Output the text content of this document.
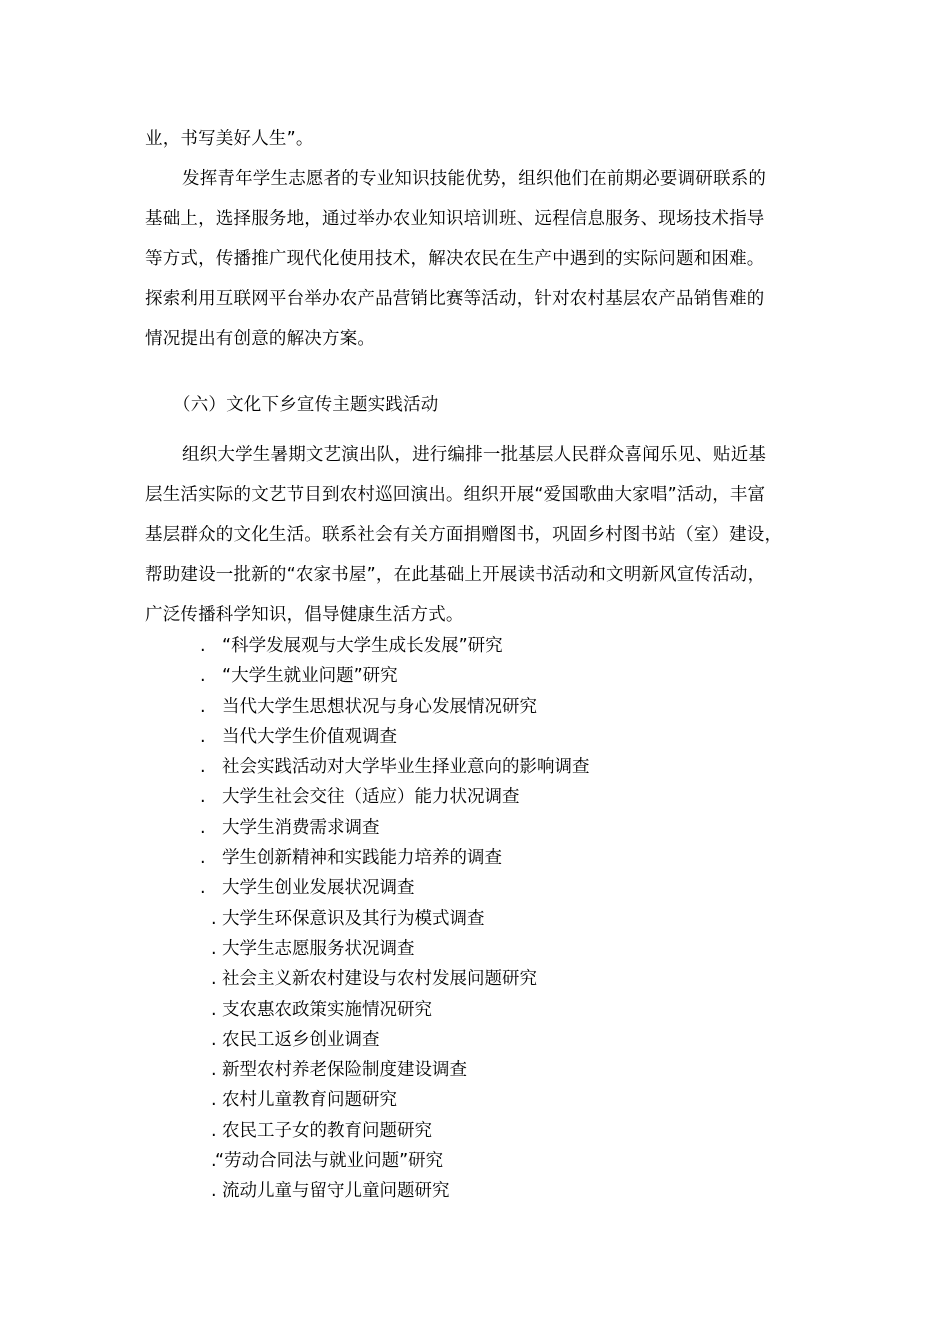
业，书写美好人生”。
发挥青年学生志愿者的专业知识技能优势，组织他们在前期必要调研联系的
基础上，选择服务地，通过举办农业知识培训班、远程信息服务、现场技术指导
等方式，传播推广现代化使用技术，解决农民在生产中遇到的实际问题和困难。
探索利用互联网平台举办农产品营销比赛等活动，针对农村基层农产品销售难的
情况提出有创意的解决方案。
（六）文化下乡宣传主题实践活动
组织大学生暑期文艺演出队，进行编排一批基层人民群众喜闻乐见、贴近基
层生活实际的文艺节目到农村巡回演出。组织开展“爱国歌曲大家唱”活动，丰富
基层群众的文化生活。联系社会有关方面捐赠图书，巩固乡村图书站（室）建设，
帮助建设一批新的“农家书屋”，在此基础上开展读书活动和文明新风宣传活动，
广泛传播科学知识，倡导健康生活方式。
. “科学发展观与大学生成长发展”研究
. “大学生就业问题”研究
. 当代大学生思想状况与身心发展情况研究
. 当代大学生价值观调查
. 社会实践活动对大学毕业生择业意向的影响调查
. 大学生社会交往（适应）能力状况调查
. 大学生消费需求调查
. 学生创新精神和实践能力培养的调查
. 大学生创业发展状况调查
. 大学生环保意识及其行为模式调查
. 大学生志愿服务状况调查
. 社会主义新农村建设与农村发展问题研究
. 支农惠农政策实施情况研究
. 农民工返乡创业调查
. 新型农村养老保险制度建设调查
. 农村儿童教育问题研究
. 农民工子女的教育问题研究
.
“劳动合同法与就业问题”研究
. 流动儿童与留守儿童问题研究
